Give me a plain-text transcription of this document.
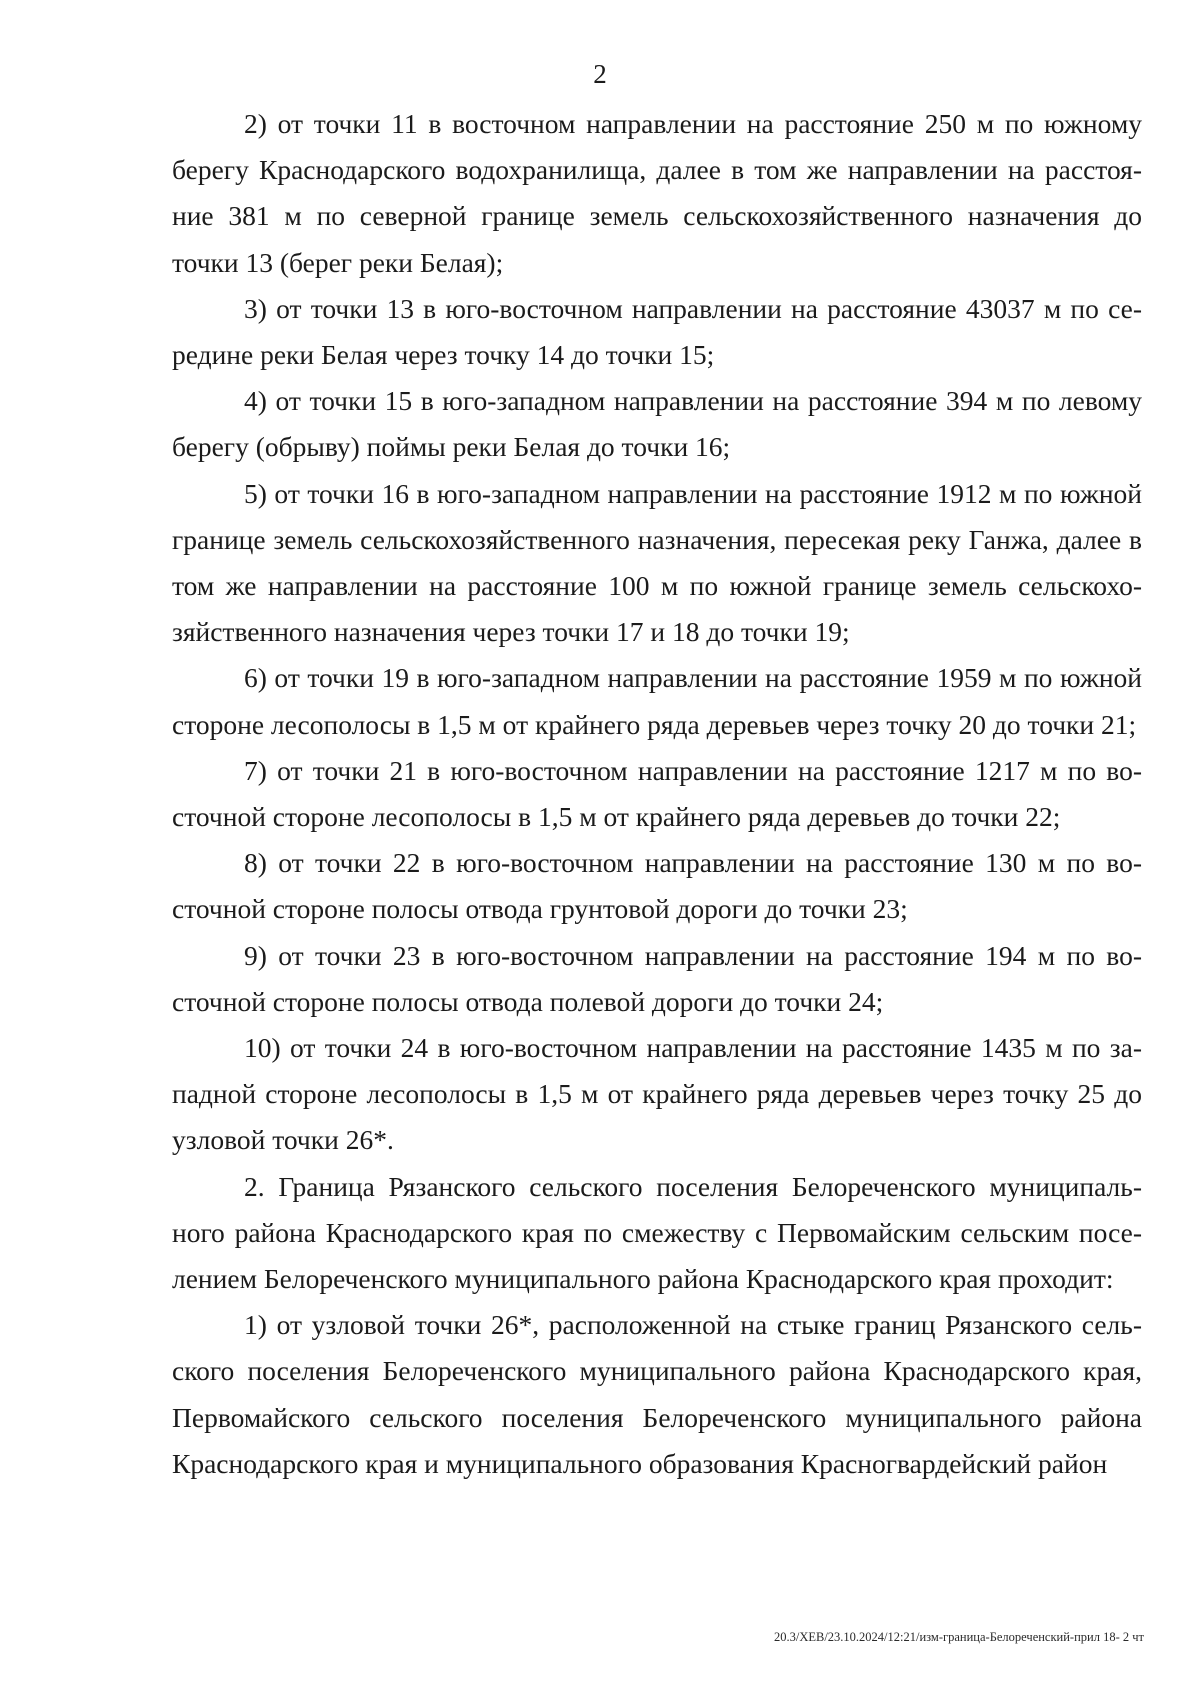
2

2) от точки 11 в восточном направлении на расстояние 250 м по южному берегу Краснодарского водохранилища, далее в том же направлении на расстояние 381 м по северной границе земель сельскохозяйственного назначения до точки 13 (берег реки Белая);

3) от точки 13 в юго-восточном направлении на расстояние 43037 м по середине реки Белая через точку 14 до точки 15;

4) от точки 15 в юго-западном направлении на расстояние 394 м по левому берегу (обрыву) поймы реки Белая до точки 16;

5) от точки 16 в юго-западном направлении на расстояние 1912 м по южной границе земель сельскохозяйственного назначения, пересекая реку Ганжа, далее в том же направлении на расстояние 100 м по южной границе земель сельскохозяйственного назначения через точки 17 и 18 до точки 19;

6) от точки 19 в юго-западном направлении на расстояние 1959 м по южной стороне лесополосы в 1,5 м от крайнего ряда деревьев через точку 20 до точки 21;

7) от точки 21 в юго-восточном направлении на расстояние 1217 м по восточной стороне лесополосы в 1,5 м от крайнего ряда деревьев до точки 22;

8) от точки 22 в юго-восточном направлении на расстояние 130 м по восточной стороне полосы отвода грунтовой дороги до точки 23;

9) от точки 23 в юго-восточном направлении на расстояние 194 м по восточной стороне полосы отвода полевой дороги до точки 24;

10) от точки 24 в юго-восточном направлении на расстояние 1435 м по западной стороне лесополосы в 1,5 м от крайнего ряда деревьев через точку 25 до узловой точки 26*.

2. Граница Рязанского сельского поселения Белореченского муниципального района Краснодарского края по смежеству с Первомайским сельским поселением Белореченского муниципального района Краснодарского края проходит:

1) от узловой точки 26*, расположенной на стыке границ Рязанского сельского поселения Белореченского муниципального района Краснодарского края, Первомайского сельского поселения Белореченского муниципального района Краснодарского края и муниципального образования Красногвардейский район

20.3/ХЕВ/23.10.2024/12:21/изм-граница-Белореченский-прил 18- 2 чт
